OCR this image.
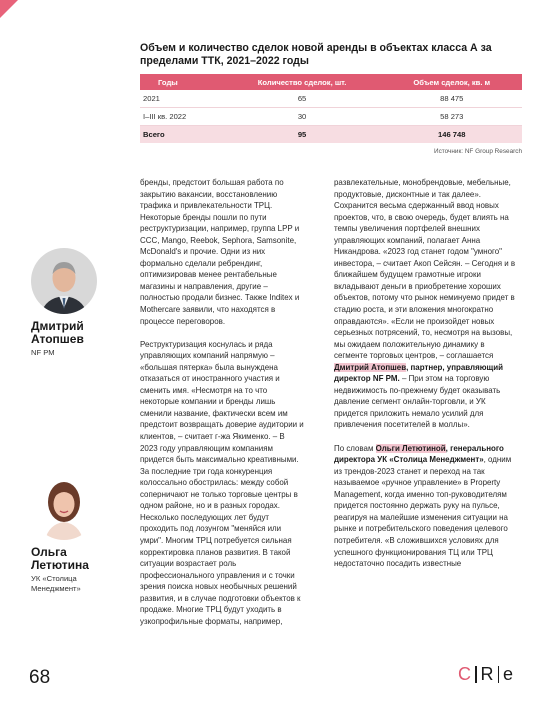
Объем и количество сделок новой аренды в объектах класса А за пределами ТТК, 2021–2022 годы
Годы	Количество сделок, шт.	Объем сделок, кв. м
2021	65	88 475
I–III кв. 2022	30	58 273
Всего	95	146 748
Источник: NF Group Research
Дмитрий
Атопшев
NF PM
Ольга
Летютина
УК «Столица
Менеджмент»

бренды, предстоит большая работа по закрытию вакансии, восстановлению трафика и привлекательности ТРЦ. Некоторые бренды пошли по пути реструктуризации, например, группа LPP и CCC, Mango, Reebok, Sephora, Samsonite, McDonald's и прочие. Одни из них формально сделали ребрендинг, оптимизировав менее рентабельные магазины и направления, другие – полностью продали бизнес. Также Inditex и Mothercare заявили, что находятся в процессе переговоров.

Реструктуризация коснулась и ряда управляющих компаний напрямую – «большая пятерка» была вынуждена отказаться от иностранного участия и сменить имя. «Несмотря на то что некоторые компании и бренды лишь сменили название, фактически всем им предстоит возвращать доверие аудитории и клиентов, – считает г-жа Якименко. – В 2023 году управляющим компаниям придется быть максимально креативными. За последние три года конкуренция колоссально обострилась: между собой соперничают не только торговые центры в одном районе, но и в разных городах. Несколько последующих лет будут проходить под лозунгом "меняйся или умри". Многим ТРЦ потребуется сильная корректировка планов развития. В такой ситуации возрастает роль профессионального управления и с точки зрения поиска новых необычных решений развития, и в случае подготовки объектов к продаже. Многие ТРЦ будут уходить в узкопрофильные форматы, например,

развлекательные, монобрендовые, мебельные, продуктовые, дисконтные и так далее». Сохранится весьма сдержанный ввод новых проектов, что, в свою очередь, будет влиять на темпы увеличения портфелей внешних управляющих компаний, полагает Анна Никандрова. «2023 год станет годом "умного" инвестора, – считает Акоп Сейсян. – Сегодня и в ближайшем будущем грамотные игроки вкладывают деньги в приобретение хороших объектов, потому что рынок неминуемо придет в стадию роста, и эти вложения многократно оправдаются». «Если не произойдет новых серьезных потрясений, то, несмотря на вызовы, мы ожидаем положительную динамику в сегменте торговых центров, – соглашается Дмитрий Атопшев, партнер, управляющий директор NF PM. – При этом на торговую недвижимость по-прежнему будет оказывать давление сегмент онлайн-торговли, и УК придется приложить немало усилий для привлечения посетителей в моллы».

По словам Ольги Летютиной, генерального директора УК «Столица Менеджмент», одним из трендов-2023 станет и переход на так называемое «ручное управление» в Property Management, когда именно топ-руководителям придется постоянно держать руку на пульсе, реагируя на малейшие изменения ситуации на рынке и потребительского поведения целевого потребителя. «В сложившихся условиях для успешного функционирования ТЦ или ТРЦ недостаточно посадить известные

68	C R e
